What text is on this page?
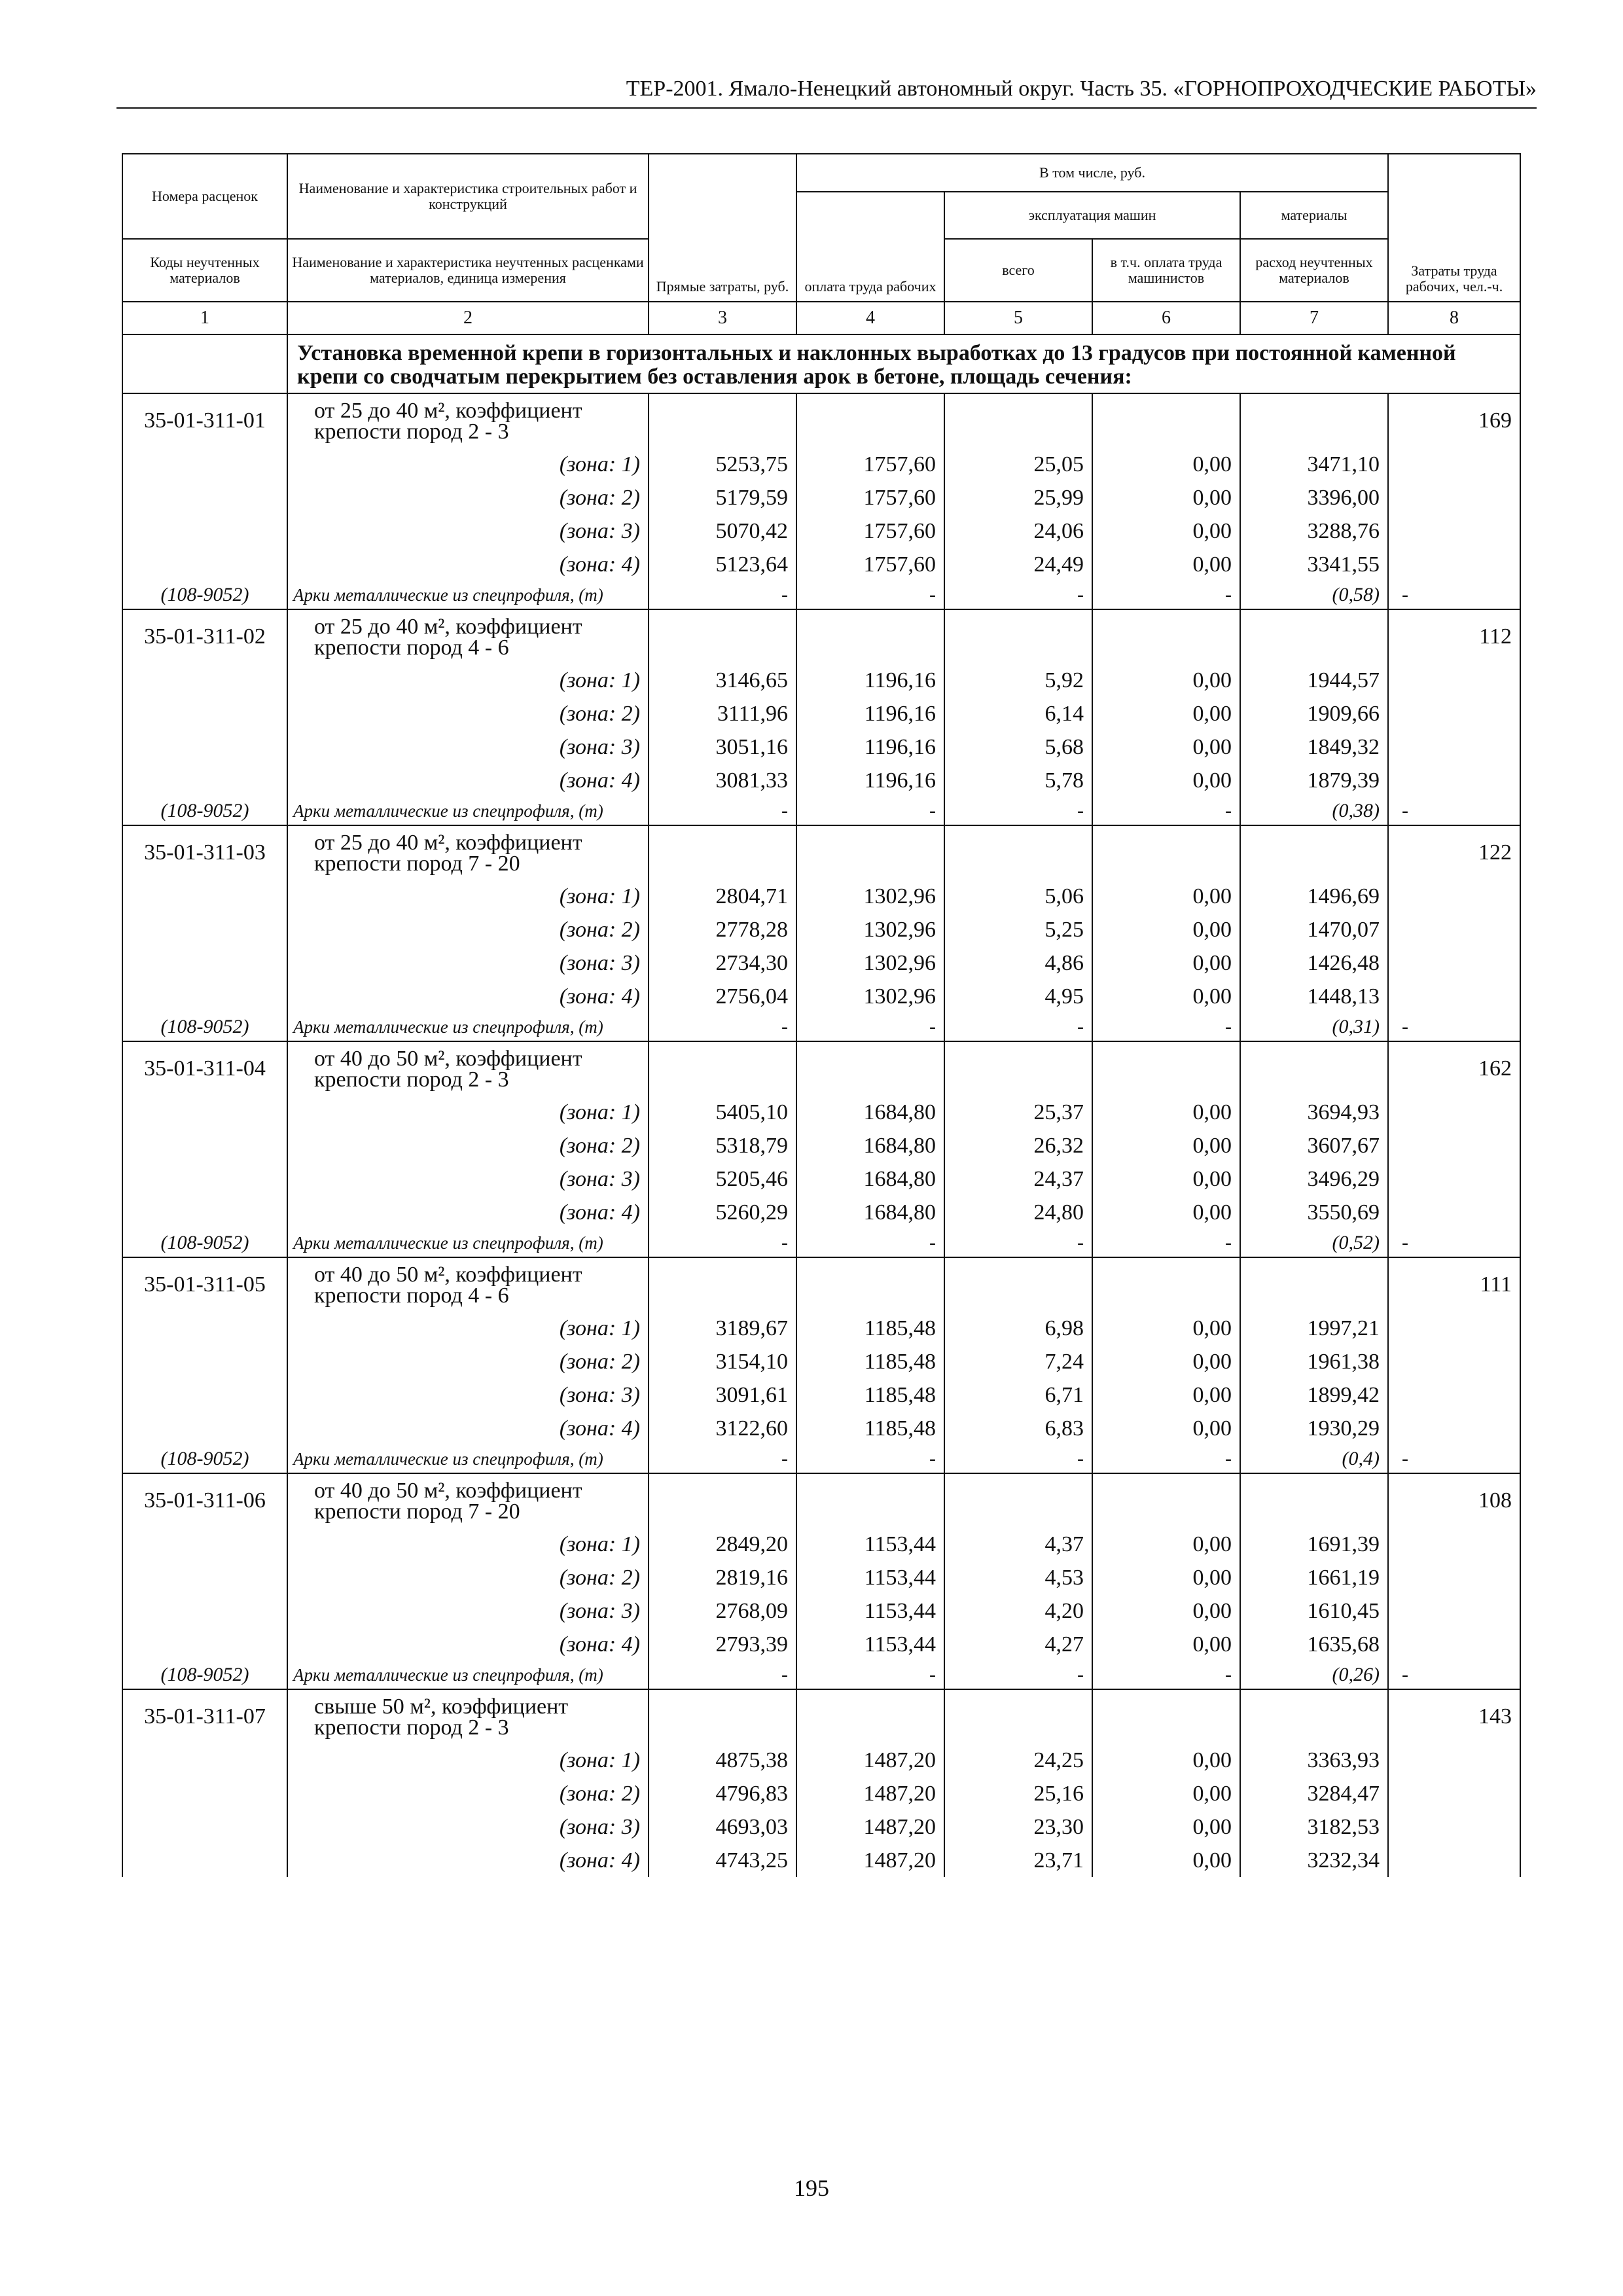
ТЕР-2001. Ямало-Ненецкий автономный округ. Часть 35. «ГОРНОПРОХОДЧЕСКИЕ РАБОТЫ»
Номера расценок	Наименование и характеристика строительных работ и конструкций	Прямые затраты, руб.	В том числе, руб.				Затраты труда рабочих, чел.-ч.
			оплата труда рабочих	эксплуатация машин		материалы	
Коды неучтенных материалов	Наименование и характеристика неучтенных расценками материалов, единица измерения			всего	в т.ч. оплата труда машинистов	расход неучтенных материалов	
1	2	3	4	5	6	7	8
	Установка временной крепи в горизонтальных и наклонных выработках до 13 градусов при постоянной каменной крепи со сводчатым перекрытием без оставления арок в бетоне, площадь сечения:						
35-01-311-01	от 25 до 40 м², коэффициент крепости пород 2 - 3						169
	(зона: 1)	5253,75	1757,60	25,05	0,00	3471,10	
	(зона: 2)	5179,59	1757,60	25,99	0,00	3396,00	
	(зона: 3)	5070,42	1757,60	24,06	0,00	3288,76	
	(зона: 4)	5123,64	1757,60	24,49	0,00	3341,55	
(108-9052)	Арки металлические из спецпрофиля, (т)	-	-	-	-	(0,58)	-
35-01-311-02	от 25 до 40 м², коэффициент крепости пород 4 - 6						112
	(зона: 1)	3146,65	1196,16	5,92	0,00	1944,57	
	(зона: 2)	3111,96	1196,16	6,14	0,00	1909,66	
	(зона: 3)	3051,16	1196,16	5,68	0,00	1849,32	
	(зона: 4)	3081,33	1196,16	5,78	0,00	1879,39	
(108-9052)	Арки металлические из спецпрофиля, (т)	-	-	-	-	(0,38)	-
35-01-311-03	от 25 до 40 м², коэффициент крепости пород 7 - 20						122
	(зона: 1)	2804,71	1302,96	5,06	0,00	1496,69	
	(зона: 2)	2778,28	1302,96	5,25	0,00	1470,07	
	(зона: 3)	2734,30	1302,96	4,86	0,00	1426,48	
	(зона: 4)	2756,04	1302,96	4,95	0,00	1448,13	
(108-9052)	Арки металлические из спецпрофиля, (т)	-	-	-	-	(0,31)	-
35-01-311-04	от 40 до 50 м², коэффициент крепости пород 2 - 3						162
	(зона: 1)	5405,10	1684,80	25,37	0,00	3694,93	
	(зона: 2)	5318,79	1684,80	26,32	0,00	3607,67	
	(зона: 3)	5205,46	1684,80	24,37	0,00	3496,29	
	(зона: 4)	5260,29	1684,80	24,80	0,00	3550,69	
(108-9052)	Арки металлические из спецпрофиля, (т)	-	-	-	-	(0,52)	-
35-01-311-05	от 40 до 50 м², коэффициент крепости пород 4 - 6						111
	(зона: 1)	3189,67	1185,48	6,98	0,00	1997,21	
	(зона: 2)	3154,10	1185,48	7,24	0,00	1961,38	
	(зона: 3)	3091,61	1185,48	6,71	0,00	1899,42	
	(зона: 4)	3122,60	1185,48	6,83	0,00	1930,29	
(108-9052)	Арки металлические из спецпрофиля, (т)	-	-	-	-	(0,4)	-
35-01-311-06	от 40 до 50 м², коэффициент крепости пород 7 - 20						108
	(зона: 1)	2849,20	1153,44	4,37	0,00	1691,39	
	(зона: 2)	2819,16	1153,44	4,53	0,00	1661,19	
	(зона: 3)	2768,09	1153,44	4,20	0,00	1610,45	
	(зона: 4)	2793,39	1153,44	4,27	0,00	1635,68	
(108-9052)	Арки металлические из спецпрофиля, (т)	-	-	-	-	(0,26)	-
35-01-311-07	свыше 50 м², коэффициент крепости пород 2 - 3						143
	(зона: 1)	4875,38	1487,20	24,25	0,00	3363,93	
	(зона: 2)	4796,83	1487,20	25,16	0,00	3284,47	
	(зона: 3)	4693,03	1487,20	23,30	0,00	3182,53	
	(зона: 4)	4743,25	1487,20	23,71	0,00	3232,34	
195
